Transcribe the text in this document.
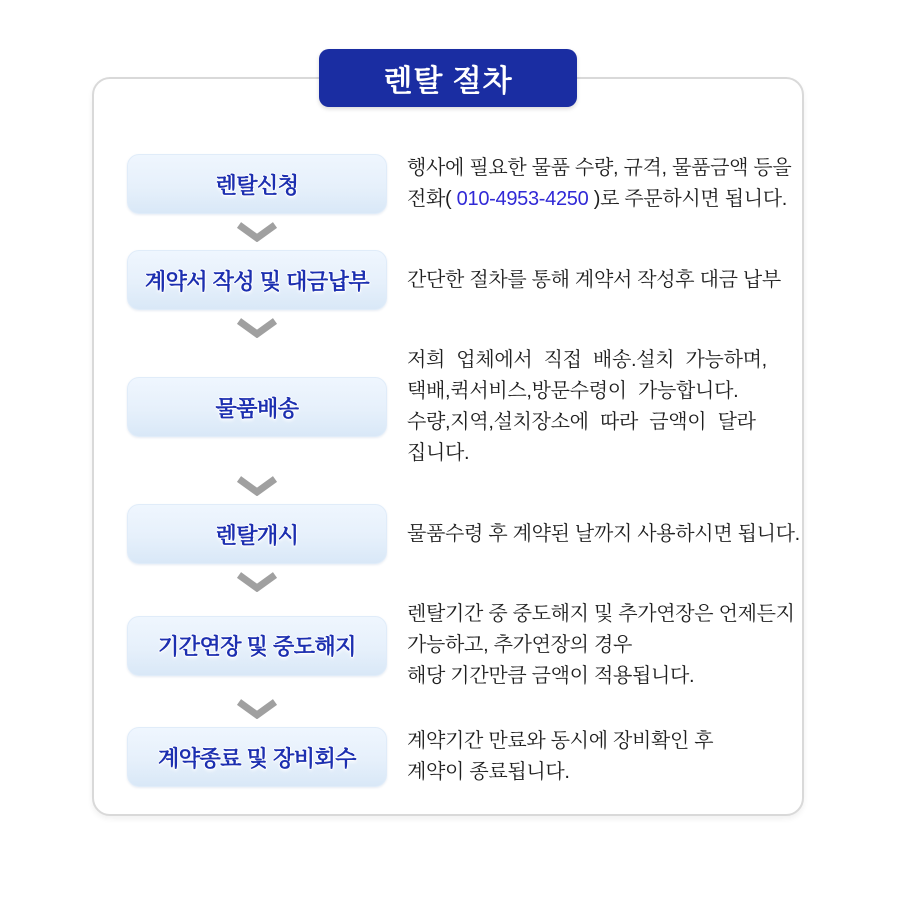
렌탈 절차
렌탈신청
행사에 필요한 물품 수량, 규격, 물품금액 등을
전화( 010-4953-4250 )로 주문하시면 됩니다.
계약서 작성 및 대금납부	간단한 절차를 통해 계약서 작성후 대금 납부
물품배송
저희 업체에서 직접 배송.설치 가능하며,
택배,퀵서비스,방문수령이 가능합니다.
수량,지역,설치장소에 따라 금액이 달라
집니다.
렌탈개시	물품수령 후 계약된 날까지 사용하시면 됩니다.
기간연장 및 중도해지
렌탈기간 중 중도해지 및 추가연장은 언제든지
가능하고, 추가연장의 경우
해당 기간만큼 금액이 적용됩니다.
계약종료 및 장비회수
계약기간 만료와 동시에 장비확인 후
계약이 종료됩니다.
